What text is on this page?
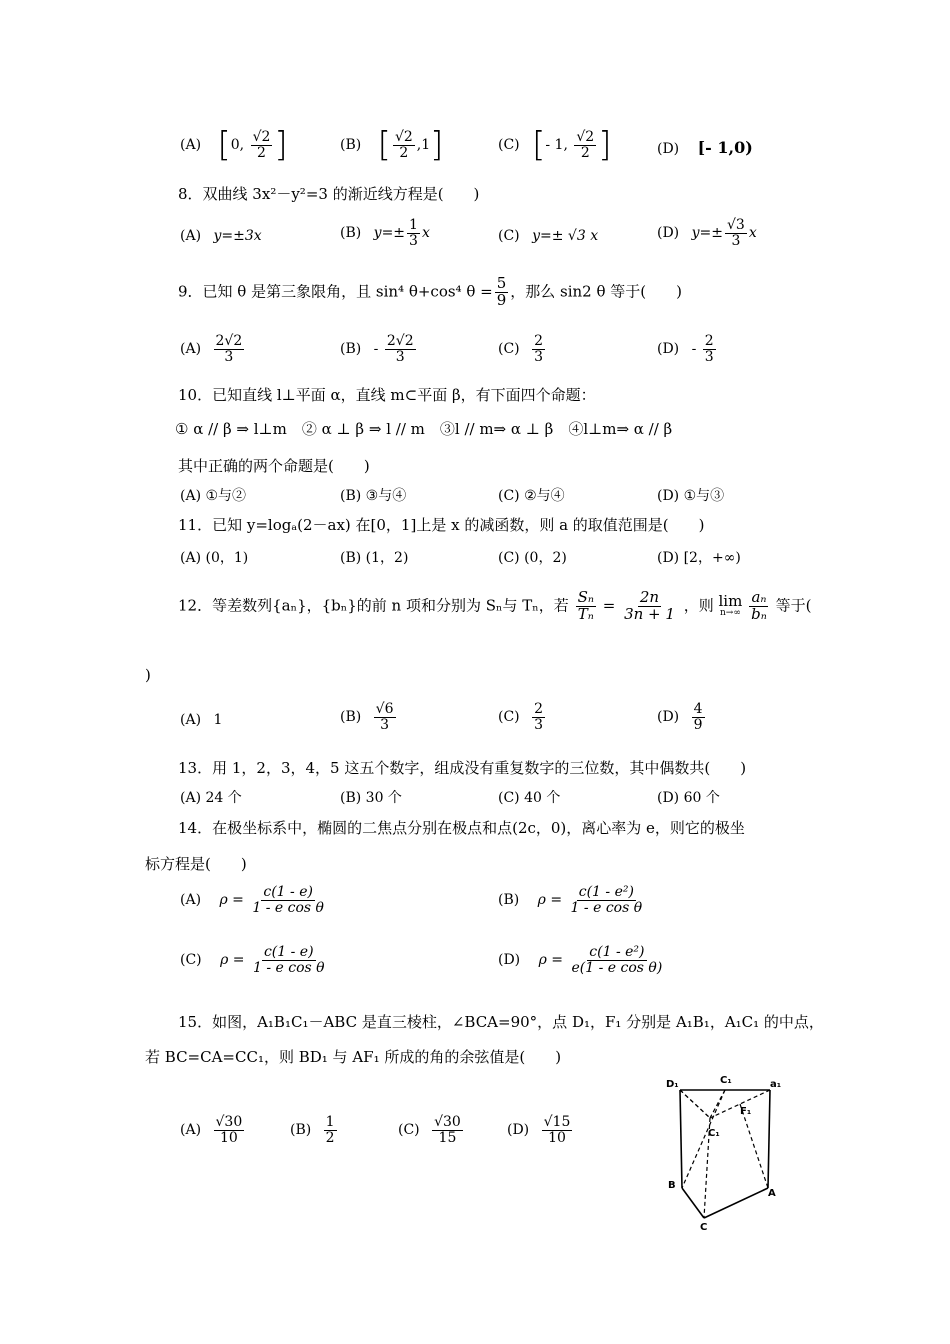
(A) [0, $\frac{√2}{2}$ ]	(B) [ $\frac{√2}{2} ,1$]	(C) [- 1, $\frac{√2}{2}$ ]	(D) [- 1,0)
8．双曲线 3x²－y²=3 的渐近线方程是(　　)
(A) y=±3x	(B) $y=\pm \frac{1}{3}$ x	(C) y=± √3 x	(D) $y=\pm \frac{√3}{3}$ x
9．已知 θ 是第三象限角，且 sin⁴ θ+cos⁴ $\theta = \frac{5}{9}$ ，那么 sin2 θ 等于(　　)
$(A) \frac{2√2}{3}$	$(B) - \frac{2√2}{3}$	$(C) \frac{2}{3}$	$(D) - \frac{2}{3}$
10．已知直线 l⊥平面 α，直线 m⊂平面 β，有下面四个命题：
① α // β ⇒ l⊥m　② α ⊥ β ⇒ l // m　③l // m⇒ α ⊥ β　④l⊥m⇒ α // β
其中正确的两个命题是(　　)
(A) ①与②	(B) ③与④	(C) ②与④	(D) ①与③
11．已知 y=logₐ(2－ax) 在[0，1]上是 x 的减函数，则 a 的取值范围是(　　)
(A) (0，1)	(B) (1，2)	(C) (0，2)	(D) [2，+∞)
12．等差数列{aₙ}，{bₙ}的前 n 项和分别为 Sₙ与 Tₙ，若 $\frac{\text{Sₙ}}{\text{Tₙ}} = \frac{2n}{3n + 1}$ ，则 lim
n→∞
$\frac{\text{aₙ}}{\text{bₙ}}$ 等于(
)
(A) 1	$(B) \frac{√6}{3}$	$(C) \frac{2}{3}$	$(D) \frac{4}{9}$
13．用 1，2，3，4，5 这五个数字，组成没有重复数字的三位数，其中偶数共(　　)
(A) 24 个	(B) 30 个	(C) 40 个	(D) 60 个
14．在极坐标系中，椭圆的二焦点分别在极点和点(2c，0)，离心率为 e，则它的极坐
标方程是(　　)
(A) $\rho = \frac{c(1 - e)}{\text{1 - e cos θ}}$	(B) $\rho = \frac{\text{c(1 - e²)}}{\text{1 - e cos θ}}$
(C) $\rho = \frac{c(1 - e)}{\text{1 - e cos θ}}$	(D) $\rho = \frac{\text{c(1 - e²)}}{\text{e(1 - e cos θ)}}$
15．如图，A₁B₁C₁－ABC 是直三棱柱，∠BCA=90°，点 D₁，F₁ 分别是 A₁B₁，A₁C₁ 的中点，
若 BC=CA=CC₁，则 BD₁ 与 AF₁ 所成的角的余弦值是(　　)
$(A) \frac{√30}{10}$	$(B) \frac{1}{2}$	$(C) \frac{√30}{15}$	$(D) \frac{√15}{10}$
D₁	C₁	a₁
F₁
C₁
B
A
C
